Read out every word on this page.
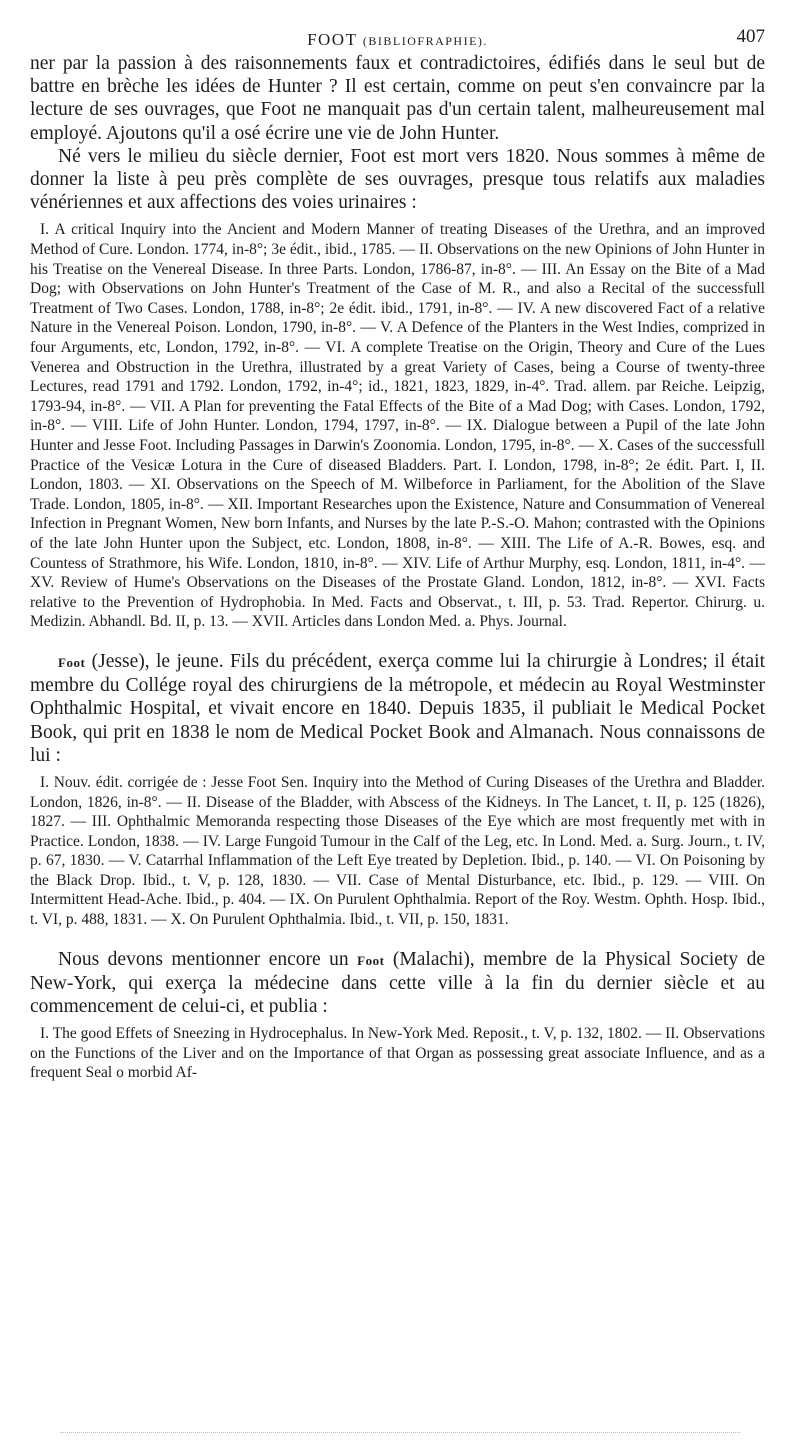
FOOT (BIBLIOFRAPHIE).	407

ner par la passion à des raisonnements faux et contradictoires, édifiés dans le seul but de battre en brèche les idées de Hunter ? Il est certain, comme on peut s'en convaincre par la lecture de ses ouvrages, que Foot ne manquait pas d'un certain talent, malheureusement mal employé. Ajoutons qu'il a osé écrire une vie de John Hunter.

Né vers le milieu du siècle dernier, Foot est mort vers 1820. Nous sommes à même de donner la liste à peu près complète de ses ouvrages, presque tous relatifs aux maladies vénériennes et aux affections des voies urinaires :

I. A critical Inquiry into the Ancient and Modern Manner of treating Diseases of the Urethra, and an improved Method of Cure. London. 1774, in-8°; 3e édit., ibid., 1785. — II. Observations on the new Opinions of John Hunter in his Treatise on the Venereal Disease. In three Parts. London, 1786-87, in-8°. — III. An Essay on the Bite of a Mad Dog; with Observations on John Hunter's Treatment of the Case of M. R., and also a Recital of the successfull Treatment of Two Cases. London, 1788, in-8°; 2e édit. ibid., 1791, in-8°. — IV. A new discovered Fact of a relative Nature in the Venereal Poison. London, 1790, in-8°. — V. A Defence of the Planters in the West Indies, comprized in four Arguments, etc, London, 1792, in-8°. — VI. A complete Treatise on the Origin, Theory and Cure of the Lues Venerea and Obstruction in the Urethra, illustrated by a great Variety of Cases, being a Course of twenty-three Lectures, read 1791 and 1792. London, 1792, in-4°; id., 1821, 1823, 1829, in-4°. Trad. allem. par Reiche. Leipzig, 1793-94, in-8°. — VII. A Plan for preventing the Fatal Effects of the Bite of a Mad Dog; with Cases. London, 1792, in-8°. — VIII. Life of John Hunter. London, 1794, 1797, in-8°. — IX. Dialogue between a Pupil of the late John Hunter and Jesse Foot. Including Passages in Darwin's Zoonomia. London, 1795, in-8°. — X. Cases of the successfull Practice of the Vesicæ Lotura in the Cure of diseased Bladders. Part. I. London, 1798, in-8°; 2e édit. Part. I, II. London, 1803. — XI. Observations on the Speech of M. Wilbeforce in Parliament, for the Abolition of the Slave Trade. London, 1805, in-8°. — XII. Important Researches upon the Existence, Nature and Consummation of Venereal Infection in Pregnant Women, New born Infants, and Nurses by the late P.-S.-O. Mahon; contrasted with the Opinions of the late John Hunter upon the Subject, etc. London, 1808, in-8°. — XIII. The Life of A.-R. Bowes, esq. and Countess of Strathmore, his Wife. London, 1810, in-8°. — XIV. Life of Arthur Murphy, esq. London, 1811, in-4°. — XV. Review of Hume's Observations on the Diseases of the Prostate Gland. London, 1812, in-8°. — XVI. Facts relative to the Prevention of Hydrophobia. In Med. Facts and Observat., t. III, p. 53. Trad. Repertor. Chirurg. u. Medizin. Abhandl. Bd. II, p. 13. — XVII. Articles dans London Med. a. Phys. Journal.

Foot (Jesse), le jeune. Fils du précédent, exerça comme lui la chirurgie à Londres; il était membre du Collége royal des chirurgiens de la métropole, et médecin au Royal Westminster Ophthalmic Hospital, et vivait encore en 1840. Depuis 1835, il publiait le Medical Pocket Book, qui prit en 1838 le nom de Medical Pocket Book and Almanach. Nous connaissons de lui :

I. Nouv. édit. corrigée de : Jesse Foot Sen. Inquiry into the Method of Curing Diseases of the Urethra and Bladder. London, 1826, in-8°. — II. Disease of the Bladder, with Abscess of the Kidneys. In The Lancet, t. II, p. 125 (1826), 1827. — III. Ophthalmic Memoranda respecting those Diseases of the Eye which are most frequently met with in Practice. London, 1838. — IV. Large Fungoid Tumour in the Calf of the Leg, etc. In Lond. Med. a. Surg. Journ., t. IV, p. 67, 1830. — V. Catarrhal Inflammation of the Left Eye treated by Depletion. Ibid., p. 140. — VI. On Poisoning by the Black Drop. Ibid., t. V, p. 128, 1830. — VII. Case of Mental Disturbance, etc. Ibid., p. 129. — VIII. On Intermittent Head-Ache. Ibid., p. 404. — IX. On Purulent Ophthalmia. Report of the Roy. Westm. Ophth. Hosp. Ibid., t. VI, p. 488, 1831. — X. On Purulent Ophthalmia. Ibid., t. VII, p. 150, 1831.

Nous devons mentionner encore un Foot (Malachi), membre de la Physical Society de New-York, qui exerça la médecine dans cette ville à la fin du dernier siècle et au commencement de celui-ci, et publia :

I. The good Effets of Sneezing in Hydrocephalus. In New-York Med. Reposit., t. V, p. 132, 1802. — II. Observations on the Functions of the Liver and on the Importance of that Organ as possessing great associate Influence, and as a frequent Seal o morbid Af-
